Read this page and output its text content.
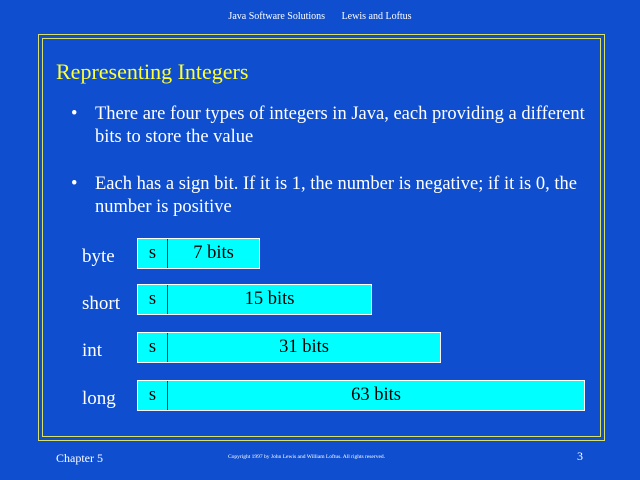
Java Software Solutions Lewis and Loftus
Representing Integers
• There are four types of integers in Java, each providing a different bits to store the value
• Each has a sign bit. If it is 1, the number is negative; if it is 0, the number is positive
byte	s	7 bits
short	s	15 bits
int	s	31 bits
long	s	63 bits
Chapter 5	Copyright 1997 by John Lewis and William Loftus. All rights reserved.	3
